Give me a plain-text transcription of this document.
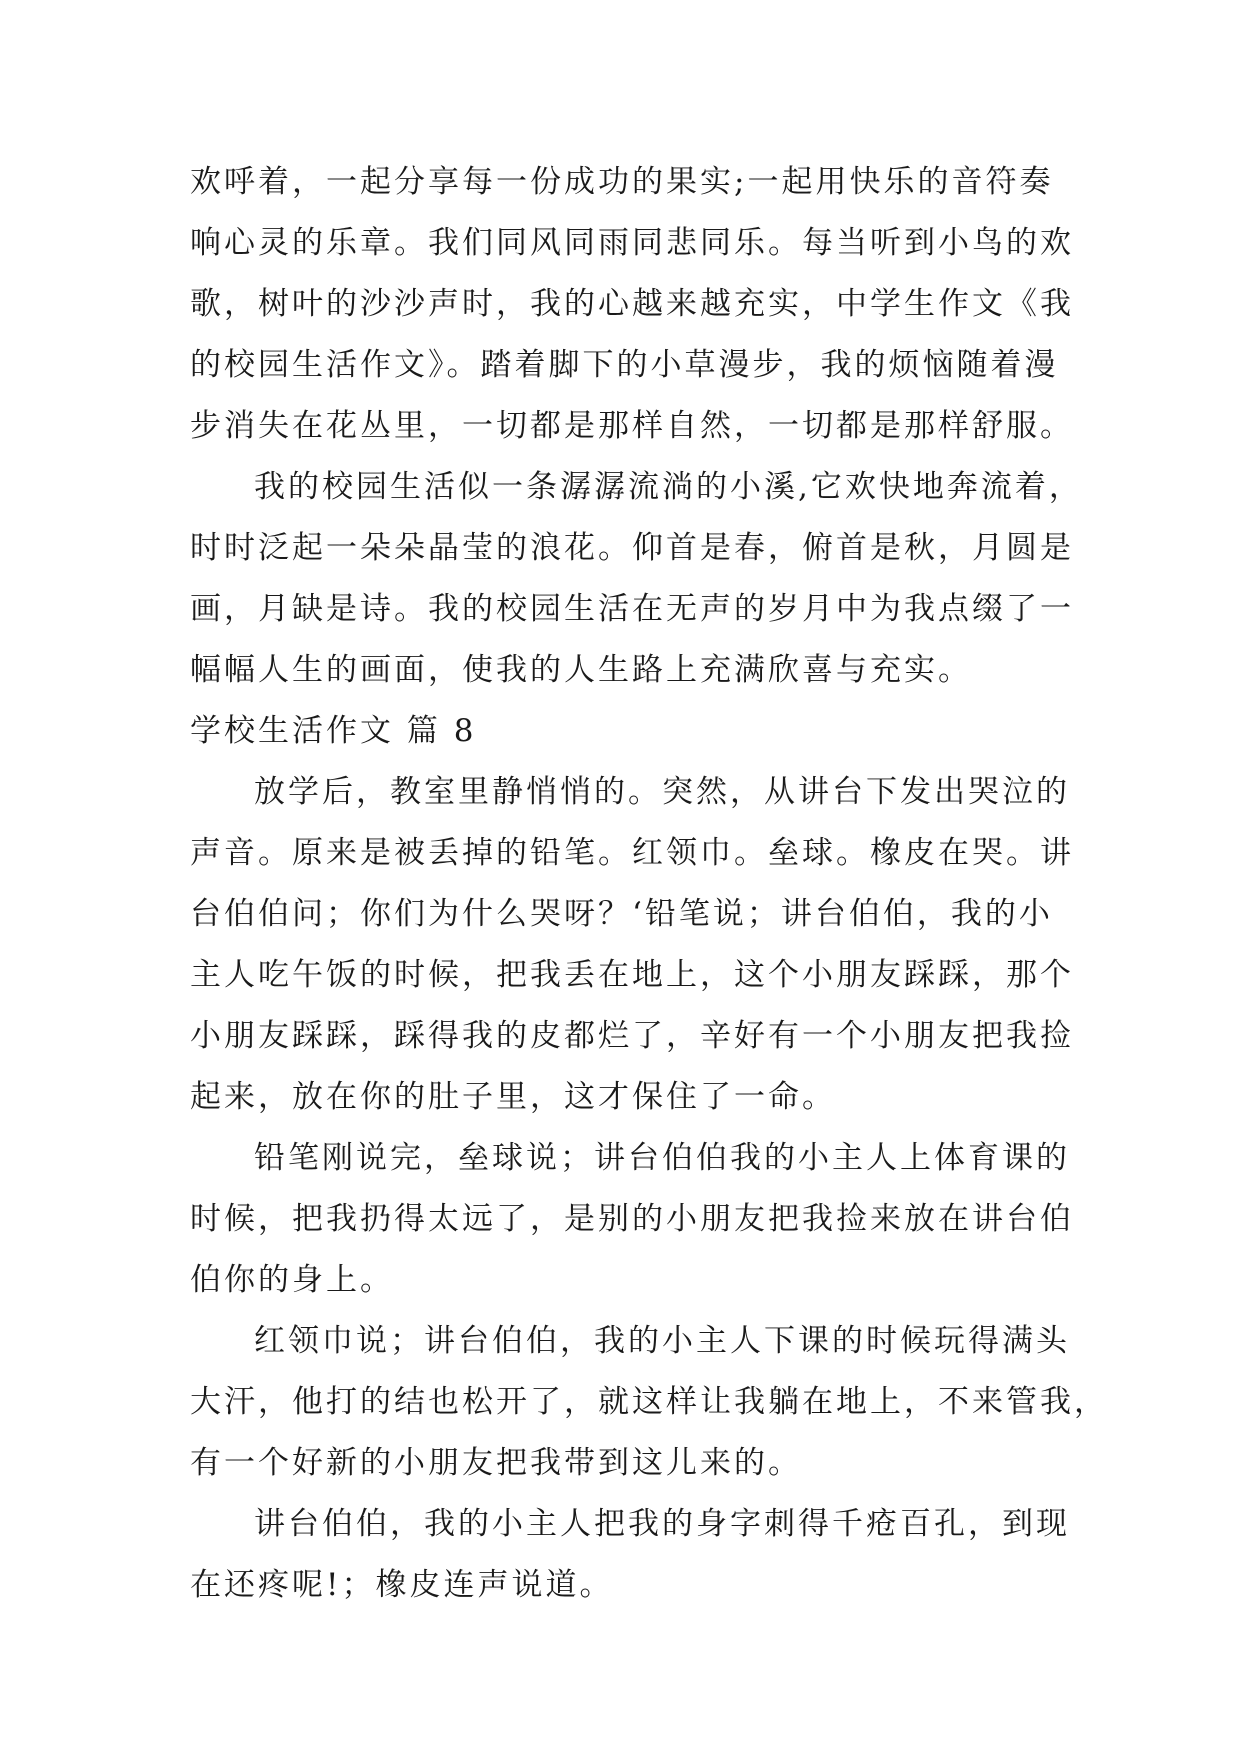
欢呼着，一起分享每一份成功的果实;一起用快乐的音符奏
响心灵的乐章。我们同风同雨同悲同乐。每当听到小鸟的欢
歌，树叶的沙沙声时，我的心越来越充实，中学生作文《我
的校园生活作文》。踏着脚下的小草漫步，我的烦恼随着漫
步消失在花丛里，一切都是那样自然，一切都是那样舒服。
我的校园生活似一条潺潺流淌的小溪,它欢快地奔流着，
时时泛起一朵朵晶莹的浪花。仰首是春，俯首是秋，月圆是
画，月缺是诗。我的校园生活在无声的岁月中为我点缀了一
幅幅人生的画面，使我的人生路上充满欣喜与充实。
学校生活作文 篇 8
放学后，教室里静悄悄的。突然，从讲台下发出哭泣的
声音。原来是被丢掉的铅笔。红领巾。垒球。橡皮在哭。讲
台伯伯问；你们为什么哭呀？‘铅笔说；讲台伯伯，我的小
主人吃午饭的时候，把我丢在地上，这个小朋友踩踩，那个
小朋友踩踩，踩得我的皮都烂了，辛好有一个小朋友把我捡
起来，放在你的肚子里，这才保住了一命。
铅笔刚说完，垒球说；讲台伯伯我的小主人上体育课的
时候，把我扔得太远了，是别的小朋友把我捡来放在讲台伯
伯你的身上。
红领巾说；讲台伯伯，我的小主人下课的时候玩得满头
大汗，他打的结也松开了，就这样让我躺在地上，不来管我，
有一个好新的小朋友把我带到这儿来的。
讲台伯伯，我的小主人把我的身字刺得千疮百孔，到现
在还疼呢!；橡皮连声说道。
